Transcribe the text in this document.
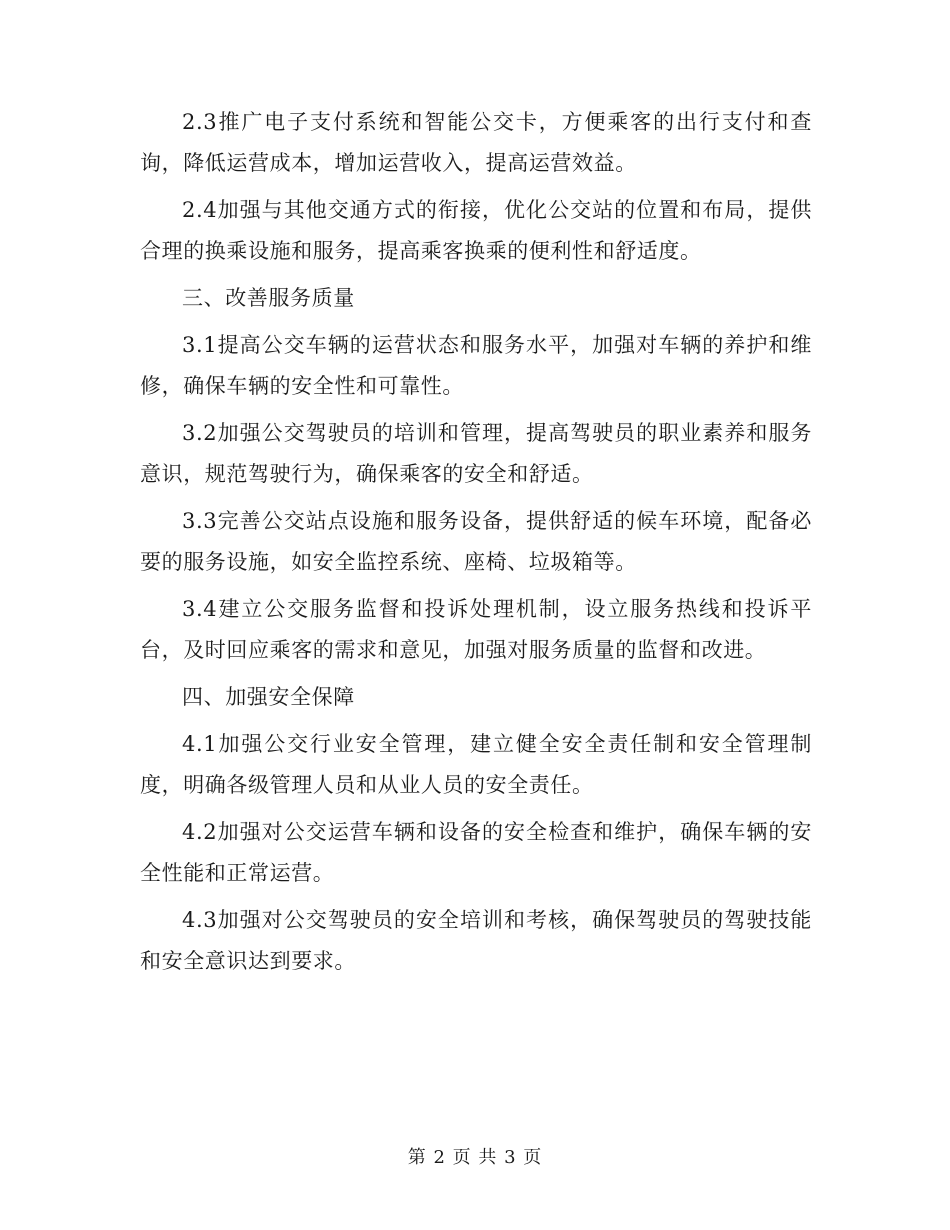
2.3推广电子支付系统和智能公交卡，方便乘客的出行支付和查询，降低运营成本，增加运营收入，提高运营效益。

2.4加强与其他交通方式的衔接，优化公交站的位置和布局，提供合理的换乘设施和服务，提高乘客换乘的便利性和舒适度。

三、改善服务质量

3.1提高公交车辆的运营状态和服务水平，加强对车辆的养护和维修，确保车辆的安全性和可靠性。

3.2加强公交驾驶员的培训和管理，提高驾驶员的职业素养和服务意识，规范驾驶行为，确保乘客的安全和舒适。

3.3完善公交站点设施和服务设备，提供舒适的候车环境，配备必要的服务设施，如安全监控系统、座椅、垃圾箱等。

3.4建立公交服务监督和投诉处理机制，设立服务热线和投诉平台，及时回应乘客的需求和意见，加强对服务质量的监督和改进。

四、加强安全保障

4.1加强公交行业安全管理，建立健全安全责任制和安全管理制度，明确各级管理人员和从业人员的安全责任。

4.2加强对公交运营车辆和设备的安全检查和维护，确保车辆的安全性能和正常运营。

4.3加强对公交驾驶员的安全培训和考核，确保驾驶员的驾驶技能和安全意识达到要求。

第 2 页 共 3 页
